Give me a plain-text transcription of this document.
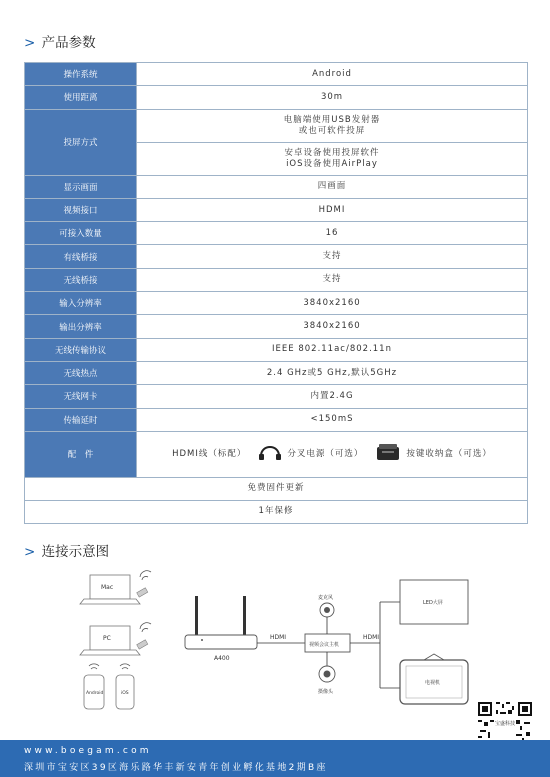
> 产品参数
操作系统	Android
使用距离	30m
投屏方式	电脑端使用USB发射器
或也可软件投屏

	安卓设备使用投屏软件
iOS设备使用AirPlay

显示画面	四画面
视频接口	HDMI
可接入数量	16
有线桥接	支持
无线桥接	支持
输入分辨率	3840x2160
输出分辨率	3840x2160
无线传输协议	IEEE 802.11ac/802.11n
无线热点	2.4 GHz或5 GHz,默认5GHz
无线网卡	内置2.4G
传输延时	<150mS
配　件	HDMI线（标配） 分叉电源（可选） 按键收纳盒（可选）

免费固件更新	
1年保修	
> 连接示意图
Mac
PC
Android	iOS
A400
HDMI
视频会议主机
麦克风
摄像头
HDMI
LED大屏
电视机
宝盛科技
www.boegam.com
深圳市宝安区39区海乐路华丰新安青年创业孵化基地2期B座
